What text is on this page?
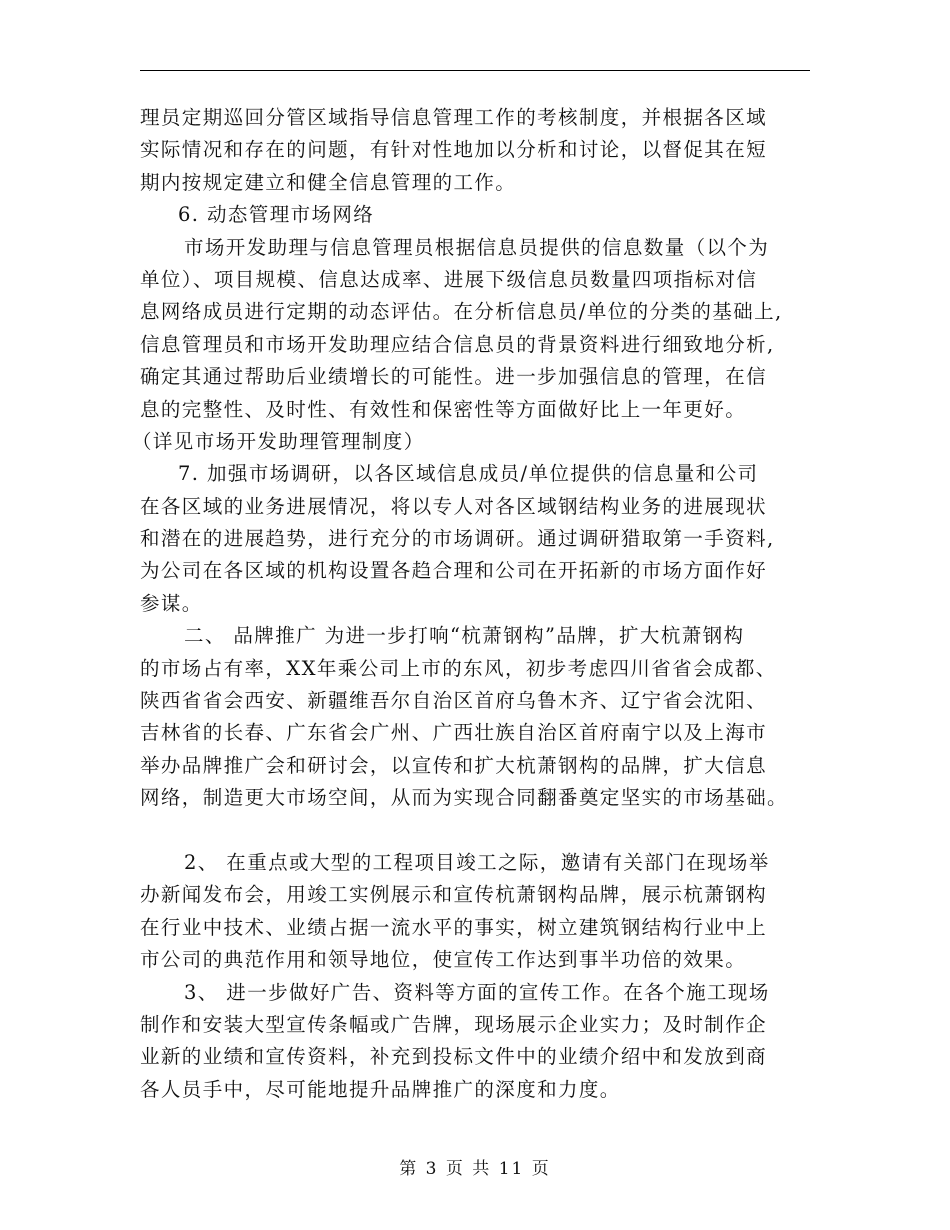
理员定期巡回分管区域指导信息管理工作的考核制度，并根据各区域
实际情况和存在的问题，有针对性地加以分析和讨论，以督促其在短
期内按规定建立和健全信息管理的工作。
6. 动态管理市场网络
市场开发助理与信息管理员根据信息员提供的信息数量（以个为
单位）、项目规模、信息达成率、进展下级信息员数量四项指标对信
息网络成员进行定期的动态评估。在分析信息员/单位的分类的基础上,
信息管理员和市场开发助理应结合信息员的背景资料进行细致地分析,
确定其通过帮助后业绩增长的可能性。进一步加强信息的管理，在信
息的完整性、及时性、有效性和保密性等方面做好比上一年更好。
（详见市场开发助理管理制度）
7. 加强市场调研，以各区域信息成员/单位提供的信息量和公司
在各区域的业务进展情况，将以专人对各区域钢结构业务的进展现状
和潜在的进展趋势，进行充分的市场调研。通过调研猎取第一手资料,
为公司在各区域的机构设置各趋合理和公司在开拓新的市场方面作好
参谋。
二、 品牌推广 为进一步打响“杭萧钢构”品牌，扩大杭萧钢构
的市场占有率，XX年乘公司上市的东风，初步考虑四川省省会成都、
陕西省省会西安、新疆维吾尔自治区首府乌鲁木齐、辽宁省会沈阳、
吉林省的长春、广东省会广州、广西壮族自治区首府南宁以及上海市
举办品牌推广会和研讨会，以宣传和扩大杭萧钢构的品牌，扩大信息
网络，制造更大市场空间，从而为实现合同翻番奠定坚实的市场基础。
2、 在重点或大型的工程项目竣工之际，邀请有关部门在现场举
办新闻发布会，用竣工实例展示和宣传杭萧钢构品牌，展示杭萧钢构
在行业中技术、业绩占据一流水平的事实，树立建筑钢结构行业中上
市公司的典范作用和领导地位，使宣传工作达到事半功倍的效果。
3、 进一步做好广告、资料等方面的宣传工作。在各个施工现场
制作和安装大型宣传条幅或广告牌，现场展示企业实力；及时制作企
业新的业绩和宣传资料，补充到投标文件中的业绩介绍中和发放到商
各人员手中，尽可能地提升品牌推广的深度和力度。
第 3 页 共 11 页
